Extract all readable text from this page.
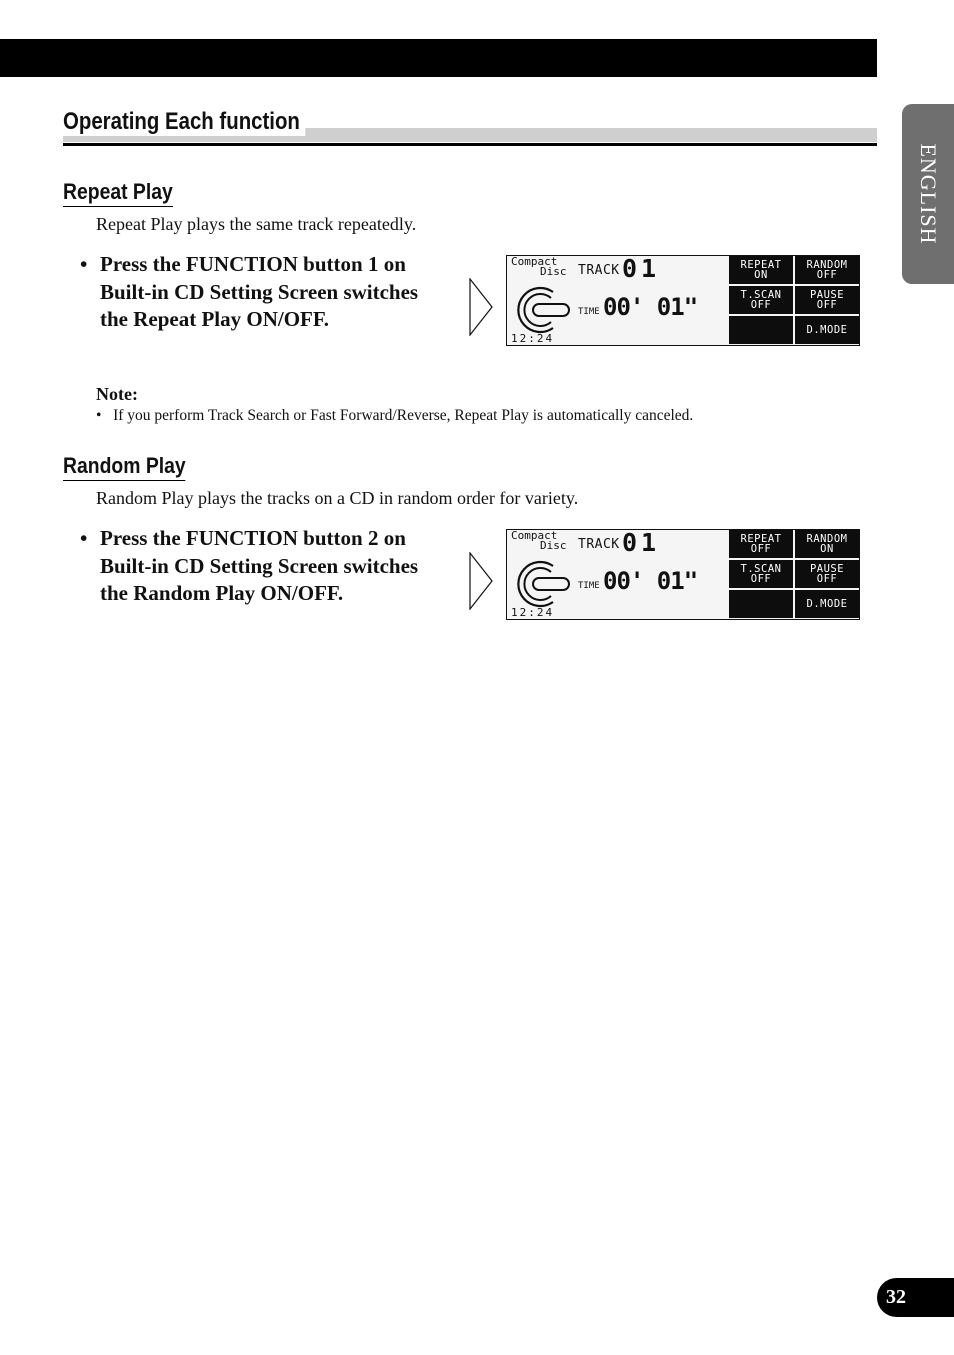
ENGLISH
Operating Each function
Repeat Play
Repeat Play plays the same track repeatedly.
• Press the FUNCTION button 1 on Built-in CD Setting Screen switches the Repeat Play ON/OFF.
Compact
Disc TRACK 01
TIME 00' 01"
12:24
REPEAT
ON
RANDOM
OFF
T.SCAN
OFF
PAUSE
OFF
D.MODE
Note:
• If you perform Track Search or Fast Forward/Reverse, Repeat Play is automatically canceled.
Random Play
Random Play plays the tracks on a CD in random order for variety.
• Press the FUNCTION button 2 on Built-in CD Setting Screen switches the Random Play ON/OFF.
Compact
Disc TRACK 01
TIME 00' 01"
12:24
REPEAT
OFF
RANDOM
ON
T.SCAN
OFF
PAUSE
OFF
D.MODE
32
